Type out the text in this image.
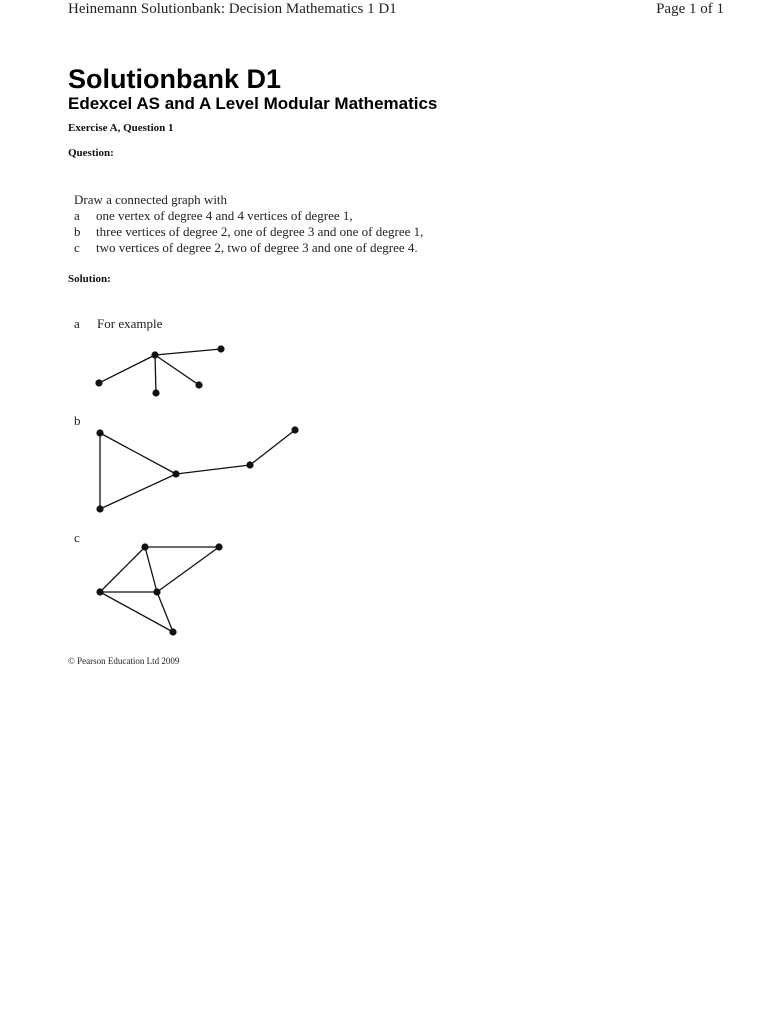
Heinemann Solutionbank: Decision Mathematics 1 D1	Page 1 of 1
Solutionbank D1
Edexcel AS and A Level Modular Mathematics
Exercise A, Question 1
Question:
Draw a connected graph with
a	one vertex of degree 4 and 4 vertices of degree 1,
b	three vertices of degree 2, one of degree 3 and one of degree 1,
c	two vertices of degree 2, two of degree 3 and one of degree 4.
Solution:
a For example
b
c
© Pearson Education Ltd 2009
